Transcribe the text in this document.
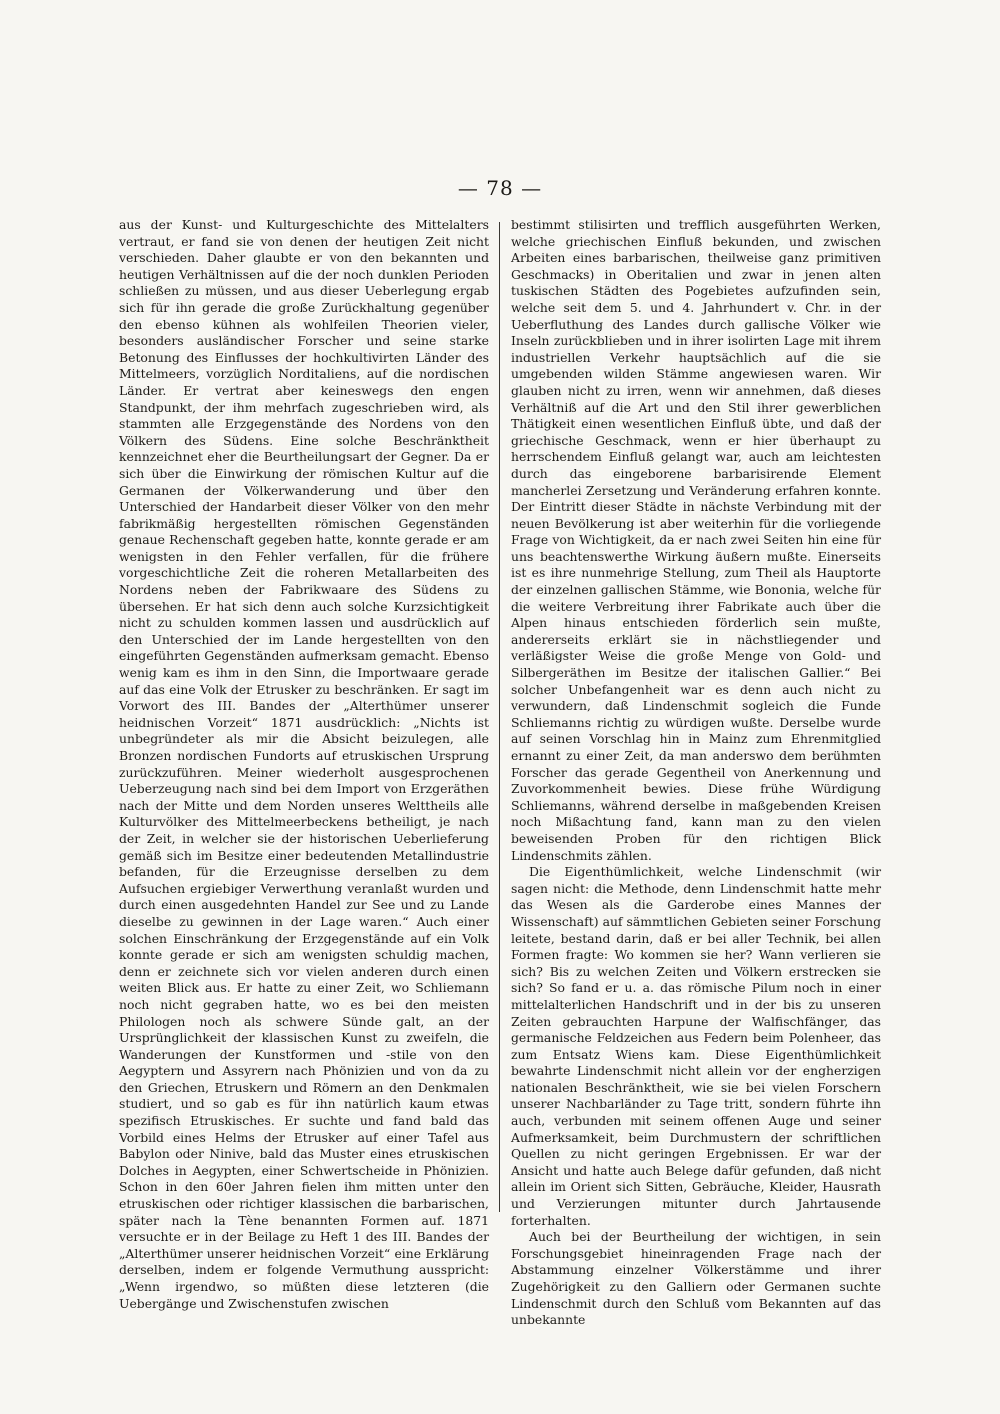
— 78 —

aus der Kunst- und Kulturgeschichte des Mittelalters vertraut, er fand sie von denen der heutigen Zeit nicht verschieden. Daher glaubte er von den bekannten und heutigen Verhältnissen auf die der noch dunklen Perioden schließen zu müssen, und aus dieser Ueberlegung ergab sich für ihn gerade die große Zurückhaltung gegenüber den ebenso kühnen als wohlfeilen Theorien vieler, besonders ausländischer Forscher und seine starke Betonung des Einflusses der hochkultivirten Länder des Mittelmeers, vorzüglich Norditaliens, auf die nordischen Länder. Er vertrat aber keineswegs den engen Standpunkt, der ihm mehrfach zugeschrieben wird, als stammten alle Erzgegenstände des Nordens von den Völkern des Südens. Eine solche Beschränktheit kennzeichnet eher die Beurtheilungsart der Gegner. Da er sich über die Einwirkung der römischen Kultur auf die Germanen der Völkerwanderung und über den Unterschied der Handarbeit dieser Völker von den mehr fabrikmäßig hergestellten römischen Gegenständen genaue Rechenschaft gegeben hatte, konnte gerade er am wenigsten in den Fehler verfallen, für die frühere vorgeschichtliche Zeit die roheren Metallarbeiten des Nordens neben der Fabrikwaare des Südens zu übersehen. Er hat sich denn auch solche Kurzsichtigkeit nicht zu schulden kommen lassen und ausdrücklich auf den Unterschied der im Lande hergestellten von den eingeführten Gegenständen aufmerksam gemacht. Ebenso wenig kam es ihm in den Sinn, die Importwaare gerade auf das eine Volk der Etrusker zu beschränken. Er sagt im Vorwort des III. Bandes der „Alterthümer unserer heidnischen Vorzeit“ 1871 ausdrücklich: „Nichts ist unbegründeter als mir die Absicht beizulegen, alle Bronzen nordischen Fundorts auf etruskischen Ursprung zurückzuführen. Meiner wiederholt ausgesprochenen Ueberzeugung nach sind bei dem Import von Erzgeräthen nach der Mitte und dem Norden unseres Welttheils alle Kulturvölker des Mittelmeerbeckens betheiligt, je nach der Zeit, in welcher sie der historischen Ueberlieferung gemäß sich im Besitze einer bedeutenden Metallindustrie befanden, für die Erzeugnisse derselben zu dem Aufsuchen ergiebiger Verwerthung veranlaßt wurden und durch einen ausgedehnten Handel zur See und zu Lande dieselbe zu gewinnen in der Lage waren.“ Auch einer solchen Einschränkung der Erzgegenstände auf ein Volk konnte gerade er sich am wenigsten schuldig machen, denn er zeichnete sich vor vielen anderen durch einen weiten Blick aus. Er hatte zu einer Zeit, wo Schliemann noch nicht gegraben hatte, wo es bei den meisten Philologen noch als schwere Sünde galt, an der Ursprünglichkeit der klassischen Kunst zu zweifeln, die Wanderungen der Kunstformen und -stile von den Aegyptern und Assyrern nach Phönizien und von da zu den Griechen, Etruskern und Römern an den Denkmalen studiert, und so gab es für ihn natürlich kaum etwas spezifisch Etruskisches. Er suchte und fand bald das Vorbild eines Helms der Etrusker auf einer Tafel aus Babylon oder Ninive, bald das Muster eines etruskischen Dolches in Aegypten, einer Schwertscheide in Phönizien. Schon in den 60er Jahren fielen ihm mitten unter den etruskischen oder richtiger klassischen die barbarischen, später nach la Tène benannten Formen auf. 1871 versuchte er in der Beilage zu Heft 1 des III. Bandes der „Alterthümer unserer heidnischen Vorzeit“ eine Erklärung derselben, indem er folgende Vermuthung ausspricht: „Wenn irgendwo, so müßten diese letzteren (die Uebergänge und Zwischenstufen zwischen

bestimmt stilisirten und trefflich ausgeführten Werken, welche griechischen Einfluß bekunden, und zwischen Arbeiten eines barbarischen, theilweise ganz primitiven Geschmacks) in Oberitalien und zwar in jenen alten tuskischen Städten des Pogebietes aufzufinden sein, welche seit dem 5. und 4. Jahrhundert v. Chr. in der Ueberfluthung des Landes durch gallische Völker wie Inseln zurückblieben und in ihrer isolirten Lage mit ihrem industriellen Verkehr hauptsächlich auf die sie umgebenden wilden Stämme angewiesen waren. Wir glauben nicht zu irren, wenn wir annehmen, daß dieses Verhältniß auf die Art und den Stil ihrer gewerblichen Thätigkeit einen wesentlichen Einfluß übte, und daß der griechische Geschmack, wenn er hier überhaupt zu herrschendem Einfluß gelangt war, auch am leichtesten durch das eingeborene barbarisirende Element mancherlei Zersetzung und Veränderung erfahren konnte. Der Eintritt dieser Städte in nächste Verbindung mit der neuen Bevölkerung ist aber weiterhin für die vorliegende Frage von Wichtigkeit, da er nach zwei Seiten hin eine für uns beachtenswerthe Wirkung äußern mußte. Einerseits ist es ihre nunmehrige Stellung, zum Theil als Hauptorte der einzelnen gallischen Stämme, wie Bononia, welche für die weitere Verbreitung ihrer Fabrikate auch über die Alpen hinaus entschieden förderlich sein mußte, andererseits erklärt sie in nächstliegender und verläßigster Weise die große Menge von Gold- und Silbergeräthen im Besitze der italischen Gallier.“ Bei solcher Unbefangenheit war es denn auch nicht zu verwundern, daß Lindenschmit sogleich die Funde Schliemanns richtig zu würdigen wußte. Derselbe wurde auf seinen Vorschlag hin in Mainz zum Ehrenmitglied ernannt zu einer Zeit, da man anderswo dem berühmten Forscher das gerade Gegentheil von Anerkennung und Zuvorkommenheit bewies. Diese frühe Würdigung Schliemanns, während derselbe in maßgebenden Kreisen noch Mißachtung fand, kann man zu den vielen beweisenden Proben für den richtigen Blick Lindenschmits zählen.

Die Eigenthümlichkeit, welche Lindenschmit (wir sagen nicht: die Methode, denn Lindenschmit hatte mehr das Wesen als die Garderobe eines Mannes der Wissenschaft) auf sämmtlichen Gebieten seiner Forschung leitete, bestand darin, daß er bei aller Technik, bei allen Formen fragte: Wo kommen sie her? Wann verlieren sie sich? Bis zu welchen Zeiten und Völkern erstrecken sie sich? So fand er u. a. das römische Pilum noch in einer mittelalterlichen Handschrift und in der bis zu unseren Zeiten gebrauchten Harpune der Walfischfänger, das germanische Feldzeichen aus Federn beim Polenheer, das zum Entsatz Wiens kam. Diese Eigenthümlichkeit bewahrte Lindenschmit nicht allein vor der engherzigen nationalen Beschränktheit, wie sie bei vielen Forschern unserer Nachbarländer zu Tage tritt, sondern führte ihn auch, verbunden mit seinem offenen Auge und seiner Aufmerksamkeit, beim Durchmustern der schriftlichen Quellen zu nicht geringen Ergebnissen. Er war der Ansicht und hatte auch Belege dafür gefunden, daß nicht allein im Orient sich Sitten, Gebräuche, Kleider, Hausrath und Verzierungen mitunter durch Jahrtausende forterhalten.

Auch bei der Beurtheilung der wichtigen, in sein Forschungsgebiet hineinragenden Frage nach der Abstammung einzelner Völkerstämme und ihrer Zugehörigkeit zu den Galliern oder Germanen suchte Lindenschmit durch den Schluß vom Bekannten auf das unbekannte
